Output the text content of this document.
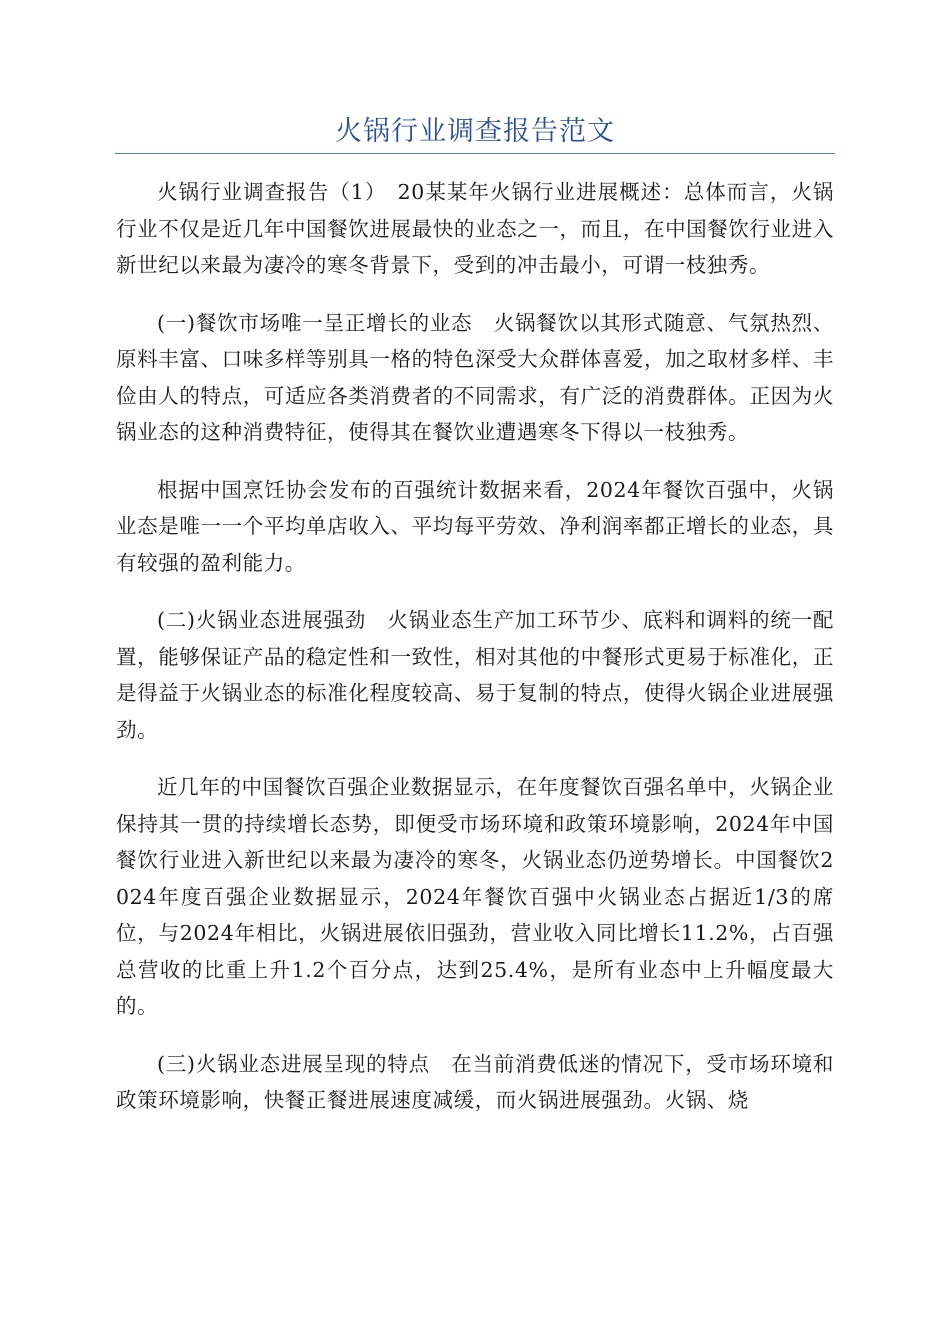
火锅行业调查报告范文

火锅行业调查报告（1）　20某某年火锅行业进展概述：总体而言，火锅行业不仅是近几年中国餐饮进展最快的业态之一，而且，在中国餐饮行业进入新世纪以来最为凄冷的寒冬背景下，受到的冲击最小，可谓一枝独秀。

(一)餐饮市场唯一呈正增长的业态　火锅餐饮以其形式随意、气氛热烈、原料丰富、口味多样等别具一格的特色深受大众群体喜爱，加之取材多样、丰俭由人的特点，可适应各类消费者的不同需求，有广泛的消费群体。正因为火锅业态的这种消费特征，使得其在餐饮业遭遇寒冬下得以一枝独秀。

根据中国烹饪协会发布的百强统计数据来看，2024年餐饮百强中，火锅业态是唯一一个平均单店收入、平均每平劳效、净利润率都正增长的业态，具有较强的盈利能力。

(二)火锅业态进展强劲　火锅业态生产加工环节少、底料和调料的统一配置，能够保证产品的稳定性和一致性，相对其他的中餐形式更易于标准化，正是得益于火锅业态的标准化程度较高、易于复制的特点，使得火锅企业进展强劲。

近几年的中国餐饮百强企业数据显示，在年度餐饮百强名单中，火锅企业保持其一贯的持续增长态势，即便受市场环境和政策环境影响，2024年中国餐饮行业进入新世纪以来最为凄冷的寒冬，火锅业态仍逆势增长。中国餐饮2024年度百强企业数据显示，2024年餐饮百强中火锅业态占据近1/3的席位，与2024年相比，火锅进展依旧强劲，营业收入同比增长11.2%，占百强总营收的比重上升1.2个百分点，达到25.4%，是所有业态中上升幅度最大的。

(三)火锅业态进展呈现的特点　在当前消费低迷的情况下，受市场环境和政策环境影响，快餐正餐进展速度减缓，而火锅进展强劲。火锅、烧
